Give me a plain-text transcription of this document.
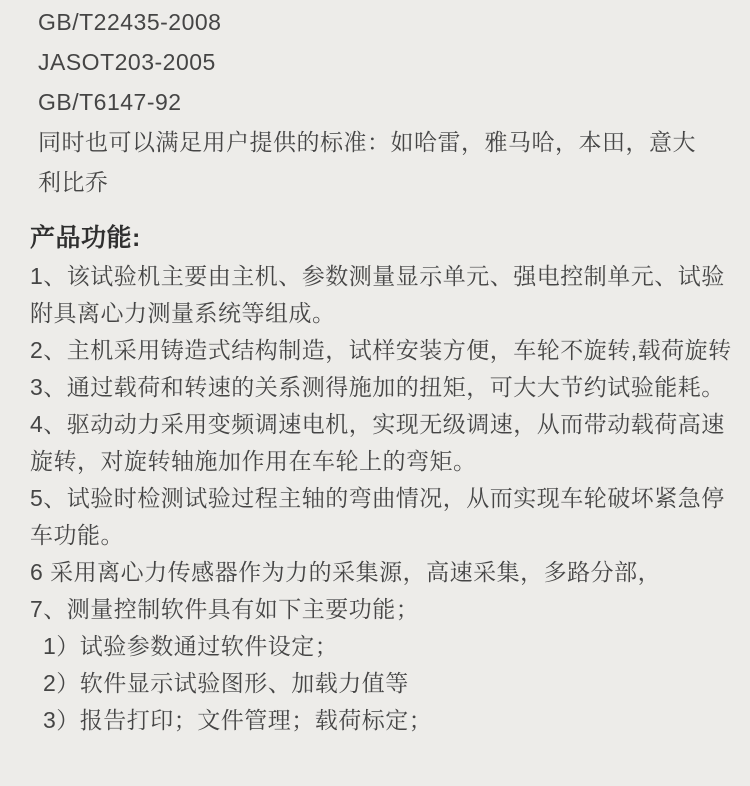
GB/T22435-2008
JASOT203-2005
GB/T6147-92
同时也可以满足用户提供的标准：如哈雷，雅马哈，本田，意大
利比乔
产品功能:
1、该试验机主要由主机、参数测量显示单元、强电控制单元、试验
附具离心力测量系统等组成。
2、主机采用铸造式结构制造，试样安装方便，车轮不旋转,载荷旋转
3、通过载荷和转速的关系测得施加的扭矩，可大大节约试验能耗。
4、驱动动力采用变频调速电机，实现无级调速，从而带动载荷高速
旋转，对旋转轴施加作用在车轮上的弯矩。
5、试验时检测试验过程主轴的弯曲情况，从而实现车轮破坏紧急停
车功能。
6 采用离心力传感器作为力的采集源，高速采集，多路分部，
7、测量控制软件具有如下主要功能；
1）试验参数通过软件设定；
2）软件显示试验图形、加载力值等
3）报告打印；文件管理；载荷标定；
